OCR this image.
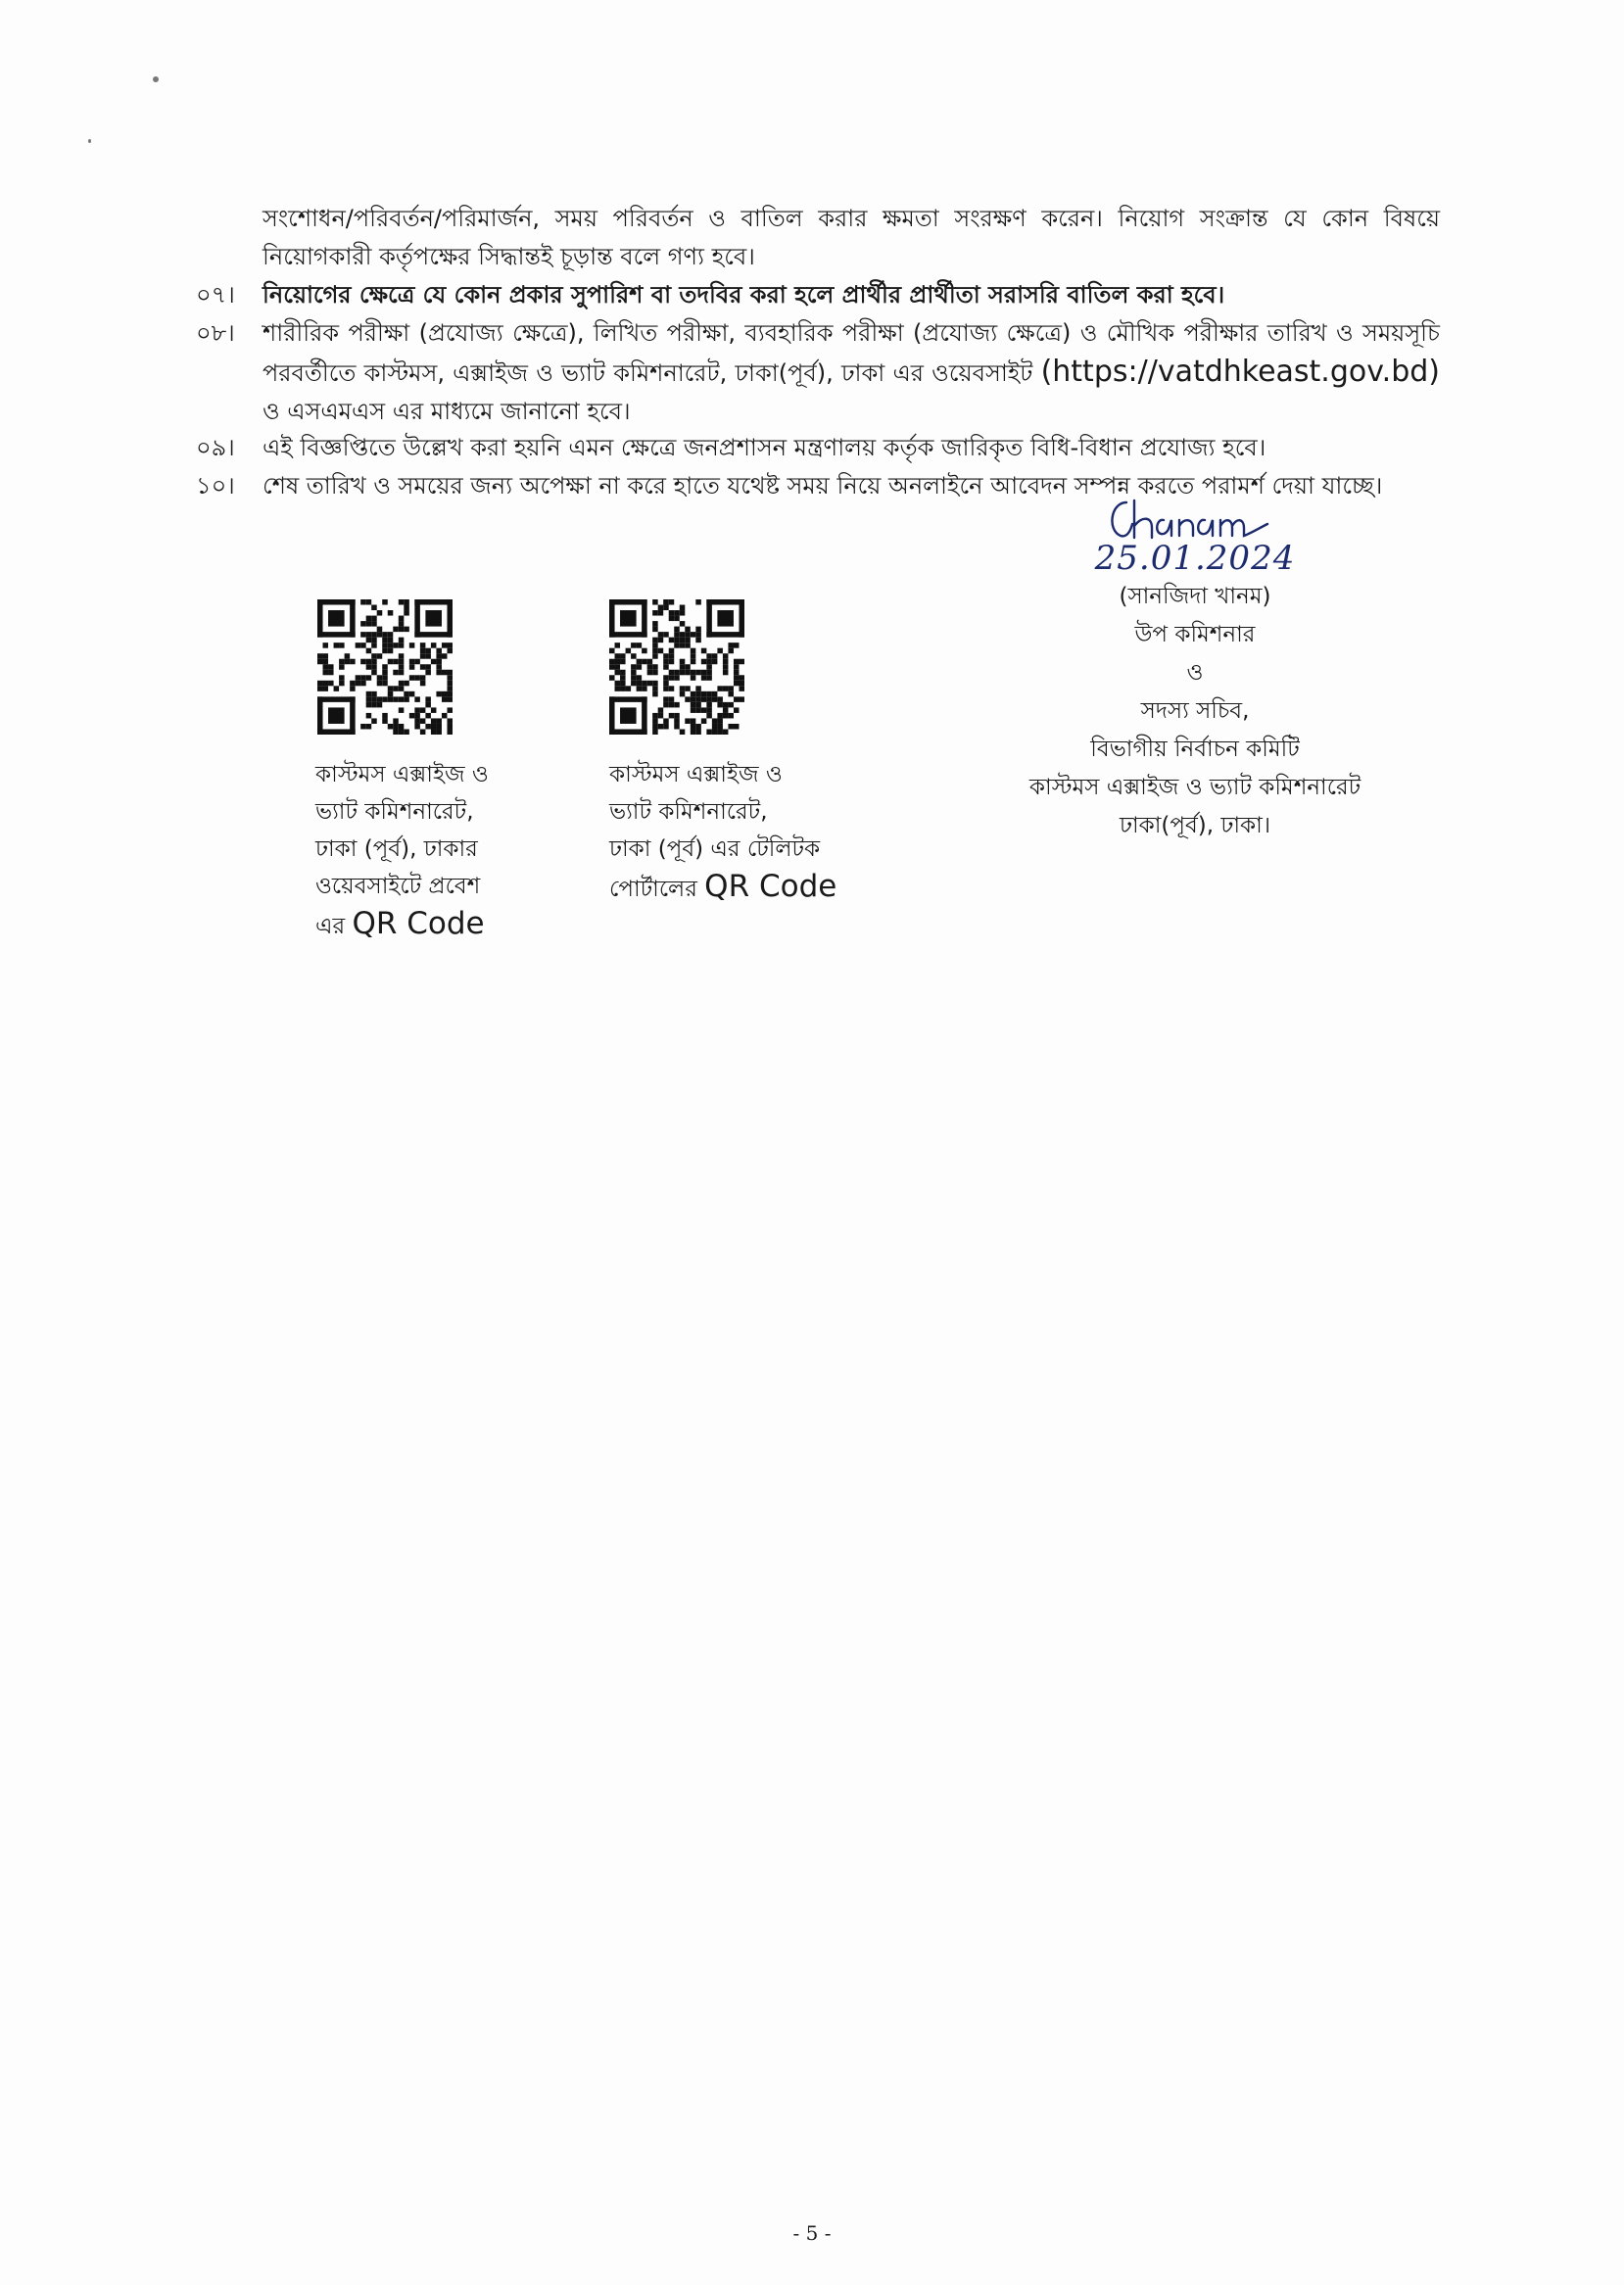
সংশোধন/পরিবর্তন/পরিমার্জন, সময় পরিবর্তন ও বাতিল করার ক্ষমতা সংরক্ষণ করেন। নিয়োগ সংক্রান্ত যে কোন বিষয়ে নিয়োগকারী কর্তৃপক্ষের সিদ্ধান্তই চূড়ান্ত বলে গণ্য হবে।
০৭।	নিয়োগের ক্ষেত্রে যে কোন প্রকার সুপারিশ বা তদবির করা হলে প্রার্থীর প্রার্থীতা সরাসরি বাতিল করা হবে।
০৮।	শারীরিক পরীক্ষা (প্রযোজ্য ক্ষেত্রে), লিখিত পরীক্ষা, ব্যবহারিক পরীক্ষা (প্রযোজ্য ক্ষেত্রে) ও মৌখিক পরীক্ষার তারিখ ও সময়সূচি পরবর্তীতে কাস্টমস, এক্সাইজ ও ভ্যাট কমিশনারেট, ঢাকা(পূর্ব), ঢাকা এর ওয়েবসাইট (https://vatdhkeast.gov.bd) ও এসএমএস এর মাধ্যমে জানানো হবে।
০৯।	এই বিজ্ঞপ্তিতে উল্লেখ করা হয়নি এমন ক্ষেত্রে জনপ্রশাসন মন্ত্রণালয় কর্তৃক জারিকৃত বিধি-বিধান প্রযোজ্য হবে।
১০।	শেষ তারিখ ও সময়ের জন্য অপেক্ষা না করে হাতে যথেষ্ট সময় নিয়ে অনলাইনে আবেদন সম্পন্ন করতে পরামর্শ দেয়া যাচ্ছে।
25.01.2024
(সানজিদা খানম)
উপ কমিশনার
ও
সদস্য সচিব,
বিভাগীয় নির্বাচন কমিটি
কাস্টমস এক্সাইজ ও ভ্যাট কমিশনারেট
ঢাকা(পূর্ব), ঢাকা।
কাস্টমস এক্সাইজ ও
ভ্যাট কমিশনারেট,
ঢাকা (পূর্ব), ঢাকার
ওয়েবসাইটে প্রবেশ
এর QR Code
কাস্টমস এক্সাইজ ও
ভ্যাট কমিশনারেট,
ঢাকা (পূর্ব) এর টেলিটক
পোর্টালের QR Code
- 5 -
